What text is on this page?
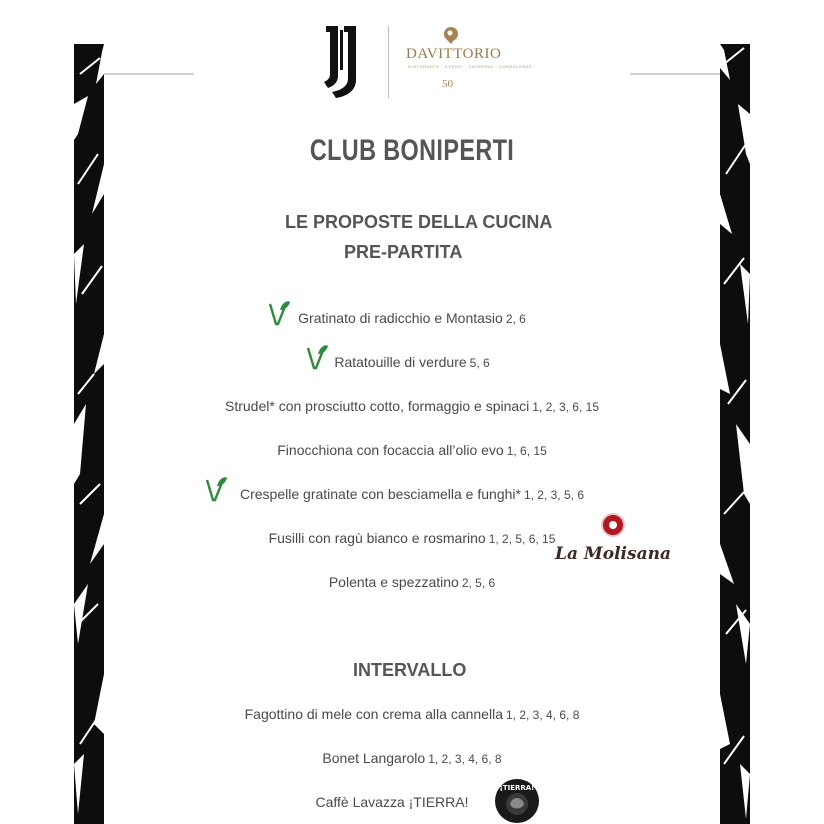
DAVITTORIO
RISTORANTE · EVENTI · CATERING · CONSULENZE
50
CLUB BONIPERTI
LE PROPOSTE DELLA CUCINA
PRE-PARTITA
Gratinato di radicchio e Montasio 2, 6
Ratatouille di verdure 5, 6
Strudel* con prosciutto cotto, formaggio e spinaci 1, 2, 3, 6, 15
Finocchiona con focaccia all’olio evo 1, 6, 15
Crespelle gratinate con besciamella e funghi* 1, 2, 3, 5, 6
Fusilli con ragù bianco e rosmarino 1, 2, 5, 6, 15
Polenta e spezzatino 2, 5, 6
La Molisana
INTERVALLO
Fagottino di mele con crema alla cannella 1, 2, 3, 4, 6, 8
Bonet Langarolo 1, 2, 3, 4, 6, 8
Caffè Lavazza ¡TIERRA!
¡TIERRA!
